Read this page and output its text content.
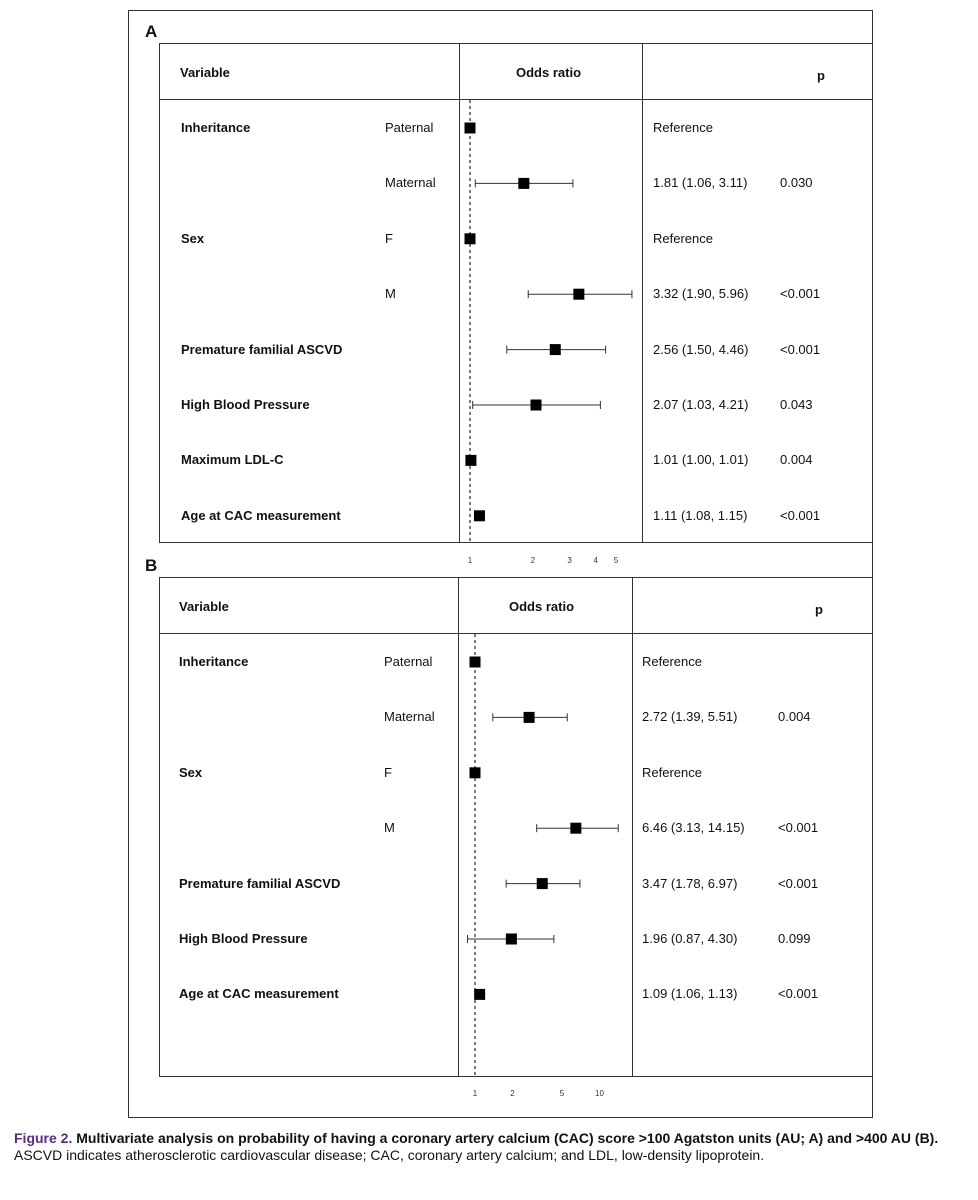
A
Variable	Odds ratio	p
Inheritance	Paternal	Reference
Maternal	1.81 (1.06, 3.11)	0.030
Sex	F	Reference
M	3.32 (1.90, 5.96) <0.001
Premature familial ASCVD	2.56 (1.50, 4.46) <0.001
High Blood Pressure	2.07 (1.03, 4.21) 0.043
Maximum LDL-C	1.01 (1.00, 1.01) 0.004
Age at CAC measurement	1.11 (1.08, 1.15)	<0.001
1	2	3	4 5
B
Variable	Odds ratio	p
Inheritance	Paternal	Reference
Maternal	2.72 (1.39, 5.51)	0.004
Sex	F	Reference
M	6.46 (3.13, 14.15)	<0.001
Premature familial ASCVD	3.47 (1.78, 6.97)	<0.001
High Blood Pressure	1.96 (0.87, 4.30)	0.099
Age at CAC measurement	1.09 (1.06, 1.13)	<0.001
1	2	5	10
Figure 2. Multivariate analysis on probability of having a coronary artery calcium (CAC) score >100 Agatston units (AU; A) and >400 AU (B).
ASCVD indicates atherosclerotic cardiovascular disease; CAC, coronary artery calcium; and LDL, low-density lipoprotein.
